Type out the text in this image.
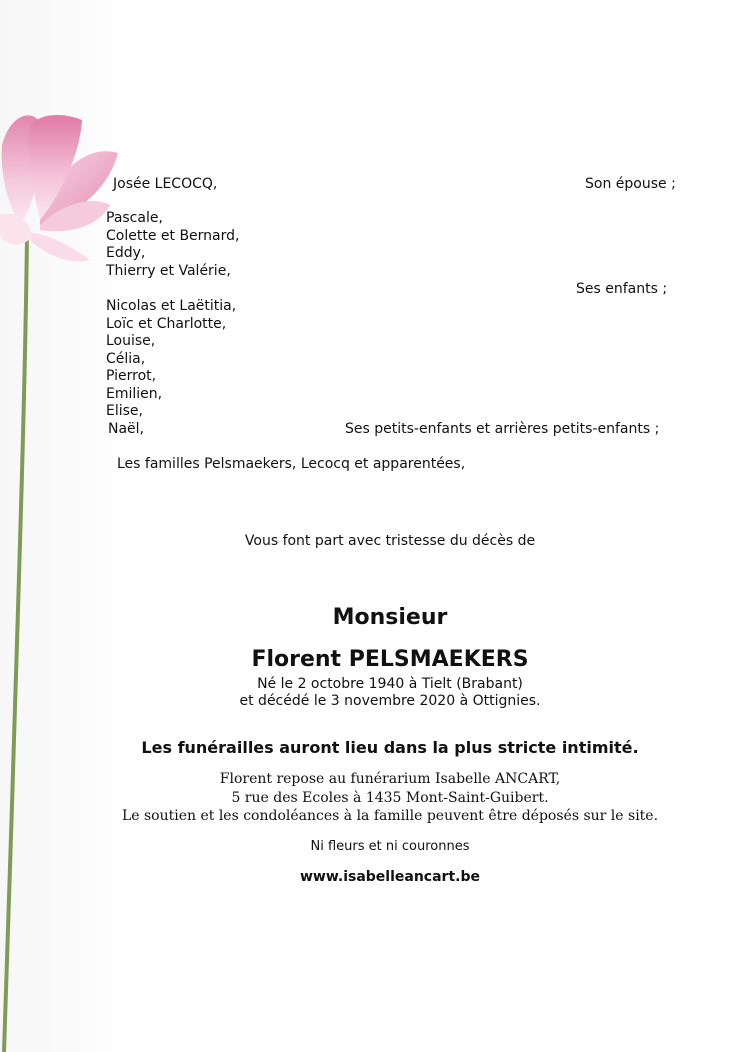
Josée LECOCQ,	Son épouse ;
Pascale,
Colette et Bernard,
Eddy,
Thierry et Valérie,
Ses enfants ;
Nicolas et Laëtitia,
Loïc et Charlotte,
Louise,
Célia,
Pierrot,
Emilien,
Elise,
Naël,	Ses petits-enfants et arrières petits-enfants ;
Les familles Pelsmaekers, Lecocq et apparentées,
Vous font part avec tristesse du décès de
Monsieur
Florent PELSMAEKERS
Né le 2 octobre 1940 à Tielt (Brabant)
et décédé le 3 novembre 2020 à Ottignies.
Les funérailles auront lieu dans la plus stricte intimité.
Florent repose au funérarium Isabelle ANCART,
5 rue des Ecoles à 1435 Mont-Saint-Guibert.
Le soutien et les condoléances à la famille peuvent être déposés sur le site.
Ni fleurs et ni couronnes
www.isabelleancart.be
